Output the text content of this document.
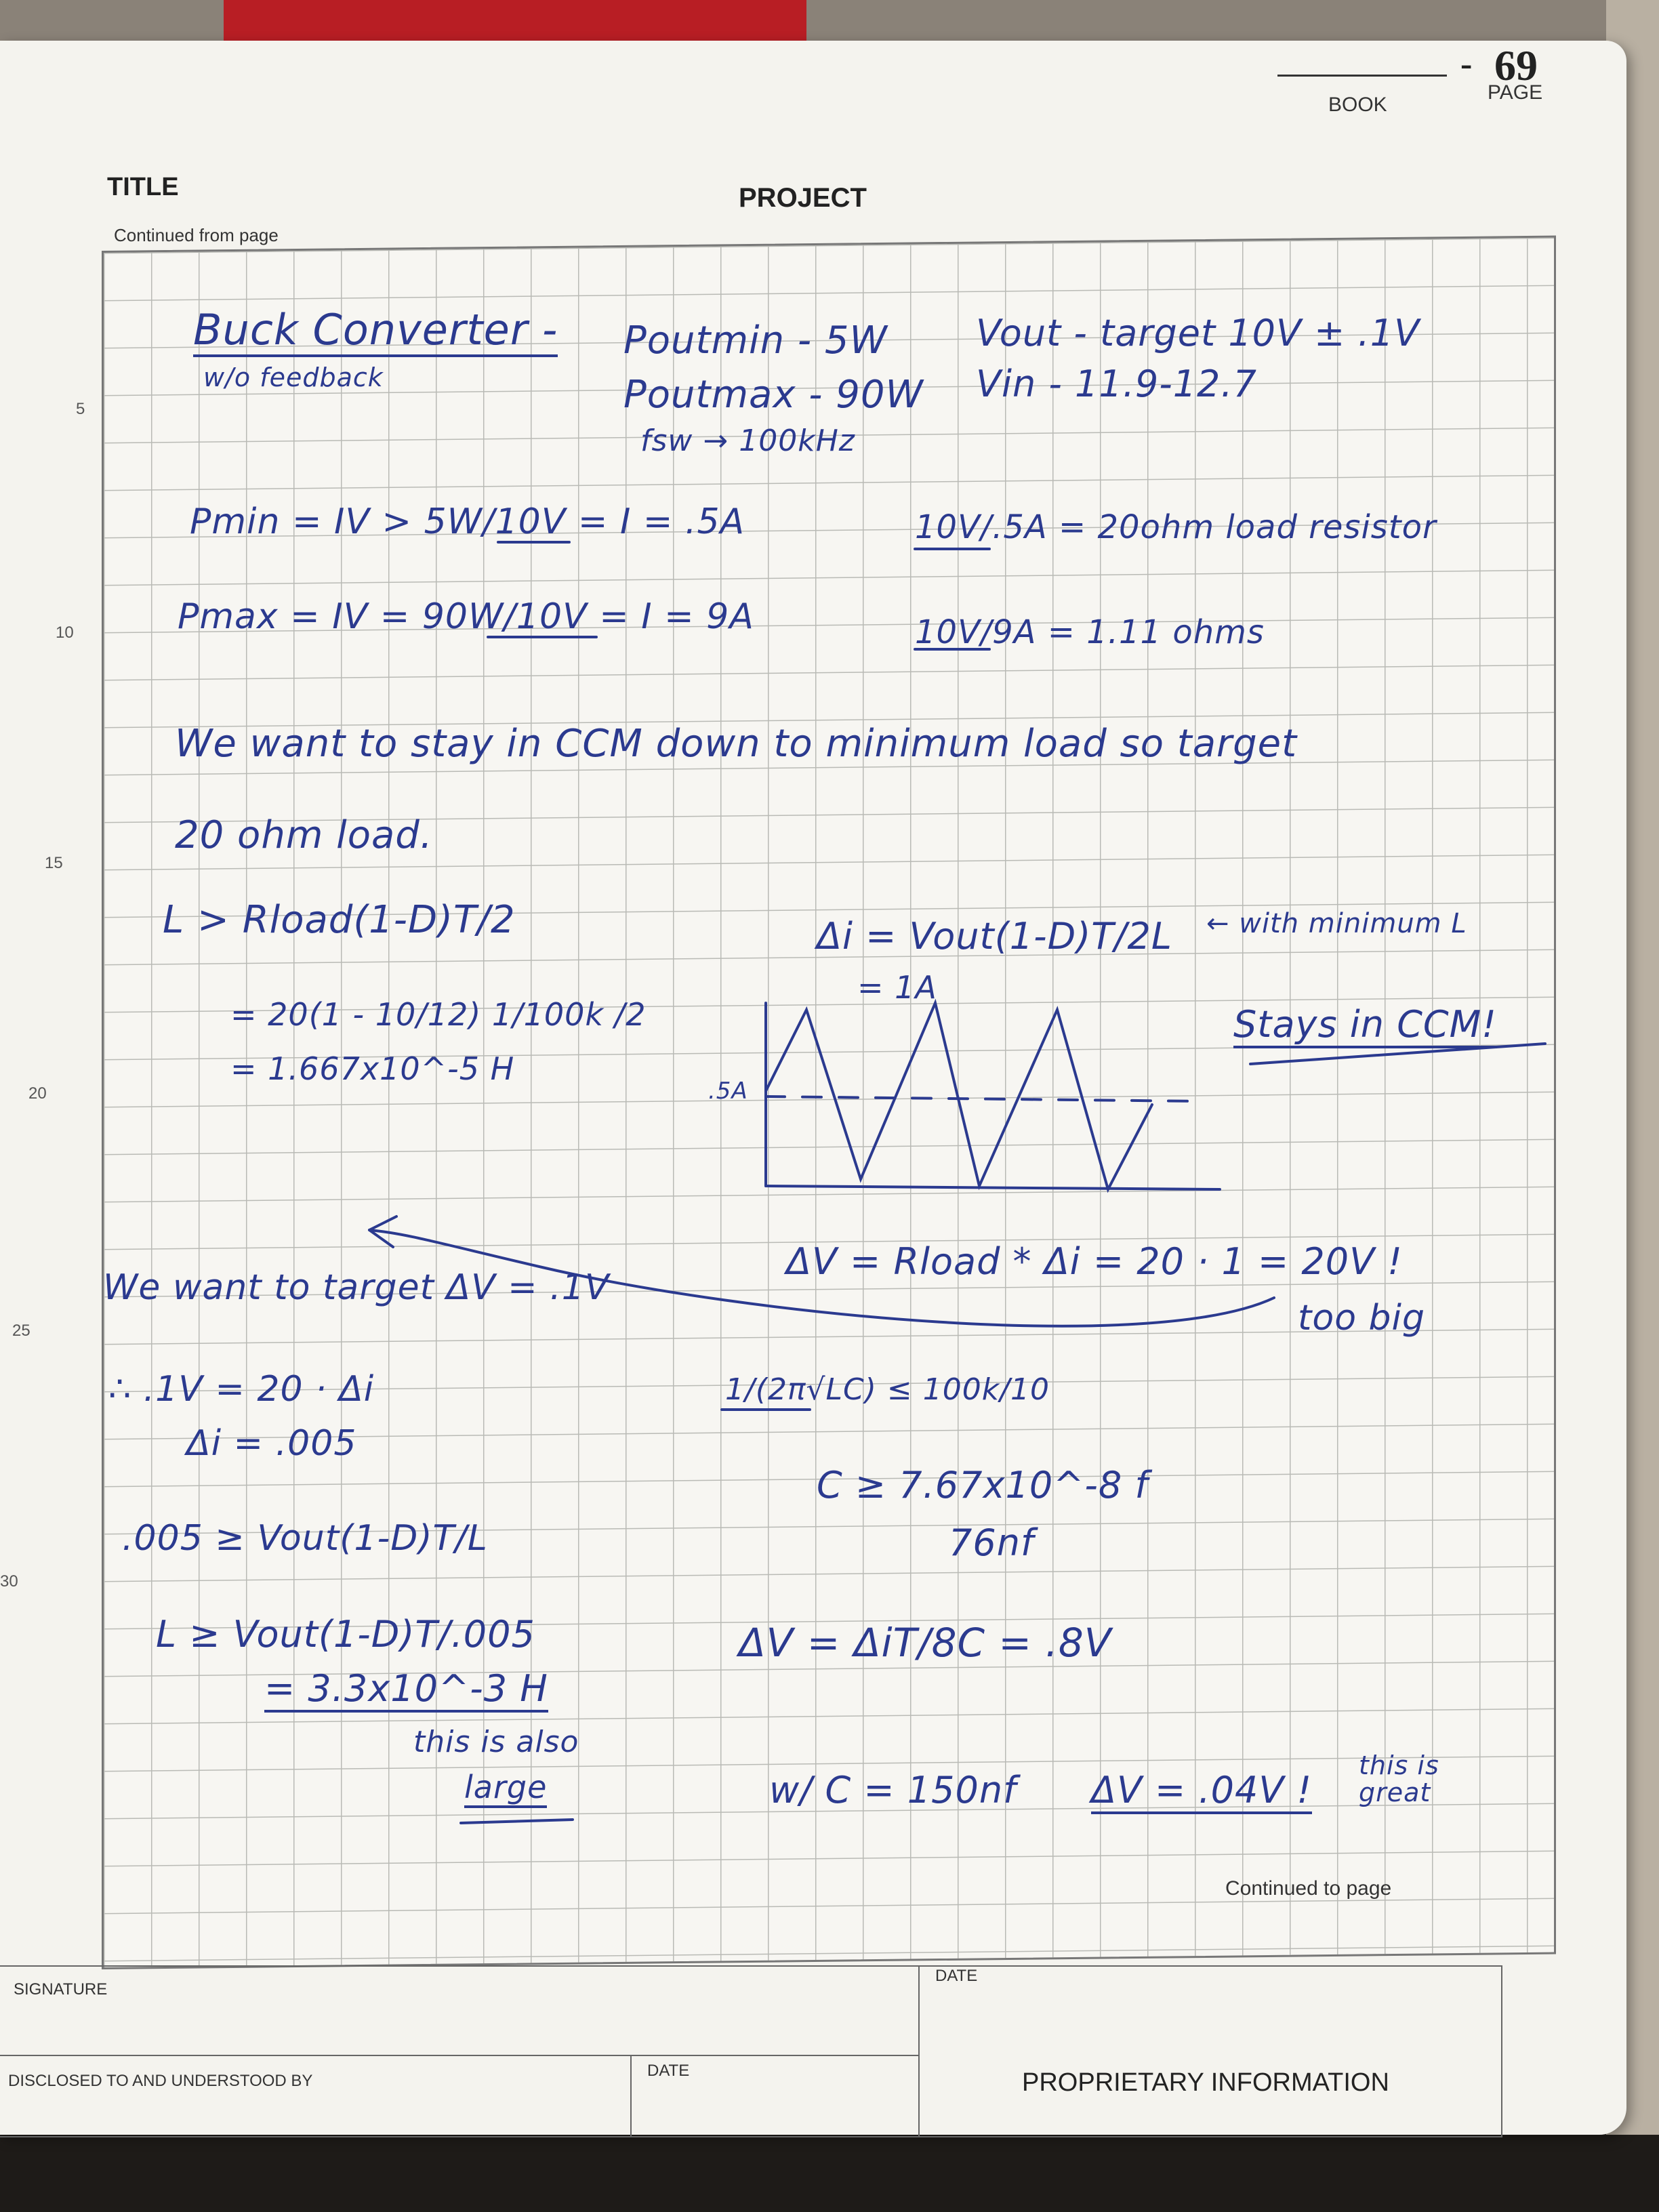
- 69
BOOK
PAGE
TITLE	PROJECT
Continued from page
Continued to page
5
10
15
20
25
30
SIGNATURE
DATE
DISCLOSED TO AND UNDERSTOOD BY
DATE	PROPRIETARY INFORMATION
Buck Converter -
w/o feedback
Poutmin - 5W
Poutmax - 90W
fsw → 100kHz
Vout - target 10V ± .1V
Vin - 11.9-12.7
Pmin = IV > 5W/10V = I = .5A	10V/.5A = 20ohm load resistor
Pmax = IV = 90W/10V = I = 9A	10V/9A = 1.11 ohms
We want to stay in CCM down to minimum load so target
20 ohm load.
L > Rload(1-D)T/2
= 20(1 - 10/12) 1/100k /2
= 1.667x10^-5 H
Δi = Vout(1-D)T/2L ← with minimum L
= 1A
Stays in CCM!
.5A
ΔV = Rload * Δi = 20 · 1 = 20V !
too big
We want to target ΔV = .1V
∴ .1V = 20 · Δi
Δi = .005
.005 ≥ Vout(1-D)T/L
L ≥ Vout(1-D)T/.005
= 3.3x10^-3 H
this is also
large
1/(2π√LC) ≤ 100k/10
C ≥ 7.67x10^-8 f
76nf
ΔV = ΔiT/8C = .8V
w/ C = 150nf ΔV = .04V !
this is great
